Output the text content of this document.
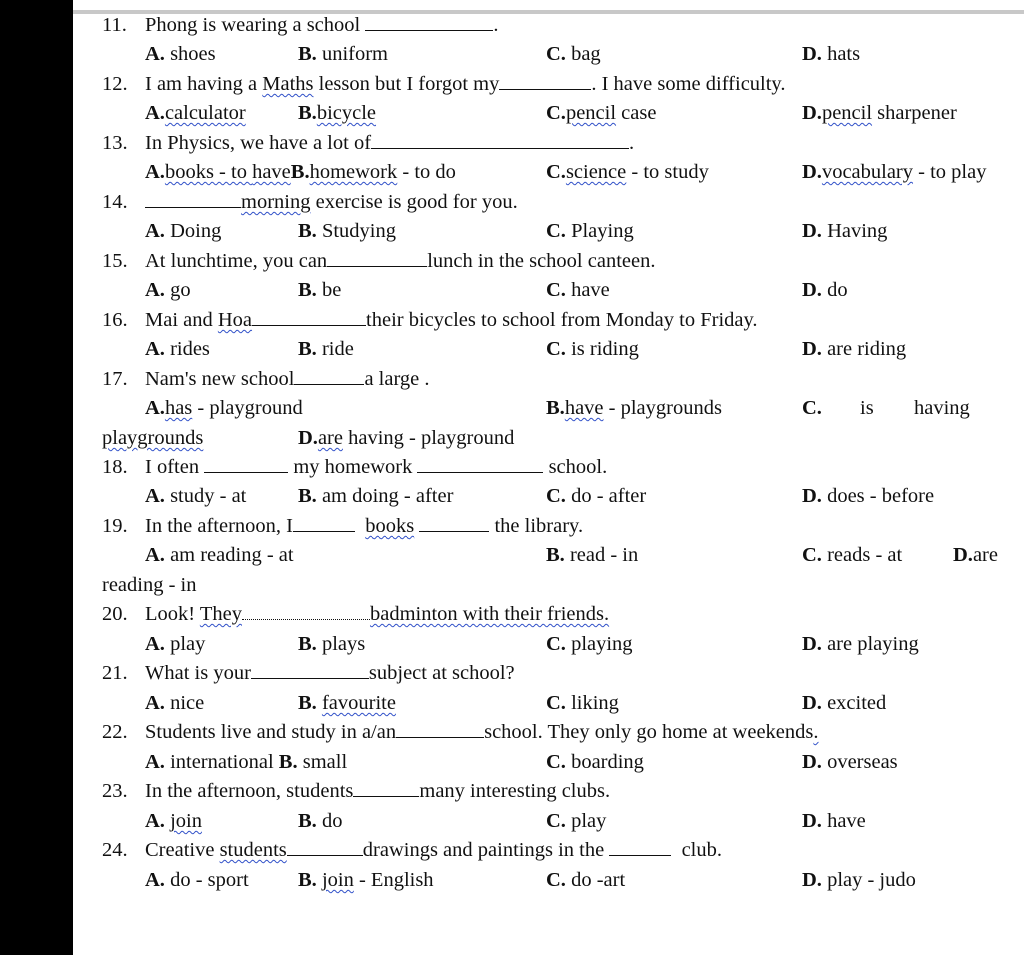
11.

Phong is wearing a school	.

A. shoes

	B. uniform

	C. bag

	D. hats

12.

I am having a Maths lesson but I forgot my	. I have some difficulty.

A.calculator

	B.bicycle

	C.pencil case

	D.pencil sharpener

13.

In Physics, we have a lot of	.

A.books - to haveB.homework - to do

	C.science - to study

	D.vocabulary - to play

14.

	morning exercise is good for you.

A. Doing

	B. Studying

	C. Playing

	D. Having

15.

At lunchtime, you can	lunch in the school canteen.

A. go

	B. be

	C. have

	D. do

16.

Mai and Hoa	their bicycles to school from Monday to Friday.

A. rides

	B. ride

	C. is riding

	D. are riding

17.

Nam's new school	a large .

A.has - playground

	B.have - playgrounds

	C.

is

having

playgrounds

	D.are having - playground

18.

I often	my homework	school.

A. study - at

	B. am doing - after

	C. do - after

	D. does - before

19.

In the afternoon, I	books	the library.

A. am reading - at

	B. read - in

	C. reads - at

D.are

reading - in

20.

Look! They	badminton with their friends.

A. play

	B. plays

	C. playing

	D. are playing

21.

What is your	subject at school?

A. nice

	B. favourite

	C. liking

	D. excited

22.

Students live and study in a/an	school. They only go home at weekends.

A. international B. small

	C. boarding

	D. overseas

23.

In the afternoon, students	many interesting clubs.

A. join

	B. do

	C. play

	D. have

24.

Creative students	drawings and paintings in the	club.

A. do - sport

B. join - English

	C. do -art

	D. play - judo
